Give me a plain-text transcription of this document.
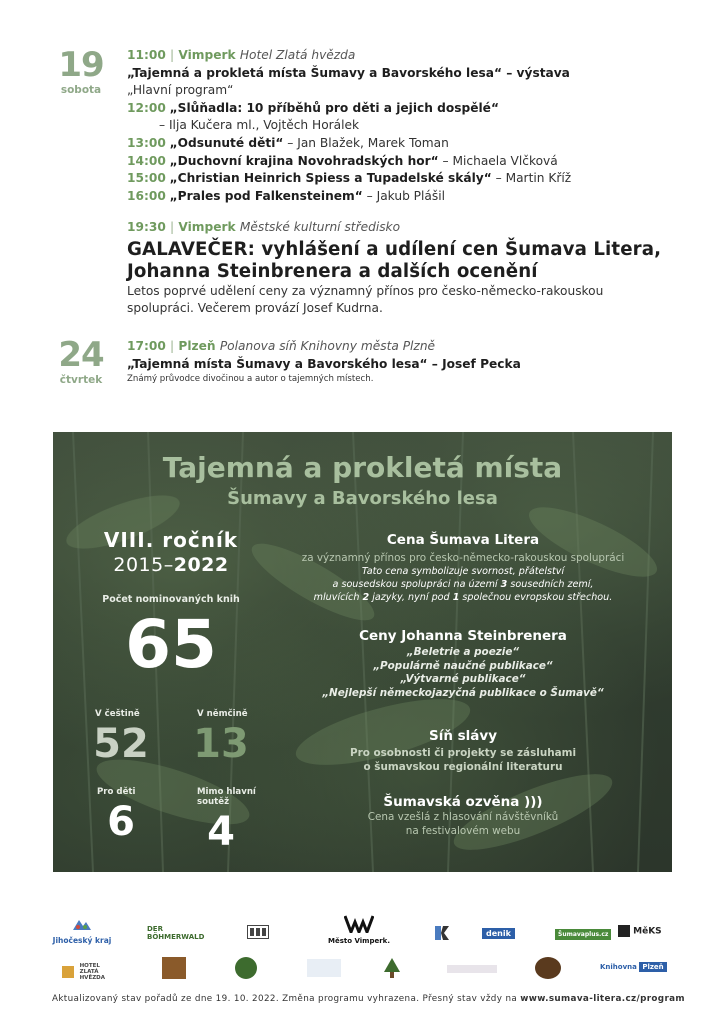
19
sobota
11:00 | Vimperk Hotel Zlatá hvězda
„Tajemná a prokletá místa Šumavy a Bavorského lesa“ – výstava
„Hlavní program“
12:00 „Slůňadla: 10 příběhů pro děti a jejich dospělé“
– Ilja Kučera ml., Vojtěch Horálek
13:00 „Odsunuté děti“ – Jan Blažek, Marek Toman
14:00 „Duchovní krajina Novohradských hor“ – Michaela Vlčková
15:00 „Christian Heinrich Spiess a Tupadelské skály“ – Martin Kříž
16:00 „Prales pod Falkensteinem“ – Jakub Plášil
19:30 | Vimperk Městské kulturní středisko
GALAVEČER: vyhlášení a udílení cen Šumava Litera,
Johanna Steinbrenera a dalších ocenění
Letos poprvé udělení ceny za významný přínos pro česko-německo-rakouskou
spolupráci. Večerem provází Josef Kudrna.
24
čtvrtek
17:00 | Plzeň Polanova síň Knihovny města Plzně
„Tajemná místa Šumavy a Bavorského lesa“ – Josef Pecka
Známý průvodce divočinou a autor o tajemných místech.
Tajemná a prokletá místa
Šumavy a Bavorského lesa
VIII. ročník
2015–2022
Počet nominovaných knih
65
V češtině
52
V němčině
13
Pro děti
6
Mimo hlavní soutěž
4
Cena Šumava Litera
za významný přínos pro česko-německo-rakouskou spolupráci
Tato cena symbolizuje svornost, přátelství
a sousedskou spolupráci na území 3 sousedních zemí,
mluvících 2 jazyky, nyní pod 1 společnou evropskou střechou.
Ceny Johanna Steinbrenera
„Beletrie a poezie“
„Populárně naučné publikace“
„Výtvarné publikace“
„Nejlepší německojazyčná publikace o Šumavě“
Síň slávy
Pro osobnosti či projekty se zásluhami
o šumavskou regionální literaturu
Šumavská ozvěna )))
Cena vzešlá z hlasování návštěvníků
na festivalovém webu
Jihočeský kraj
DER BÖHMERWALD	Město Vimperk.
denik	Šumavaplus.cz	MěKS
HOTEL ZLATÁ HVĚZDA
Knihovna Plzeň
Aktualizovaný stav pořadů ze dne 19. 10. 2022. Změna programu vyhrazena. Přesný stav vždy na www.sumava-litera.cz/program
